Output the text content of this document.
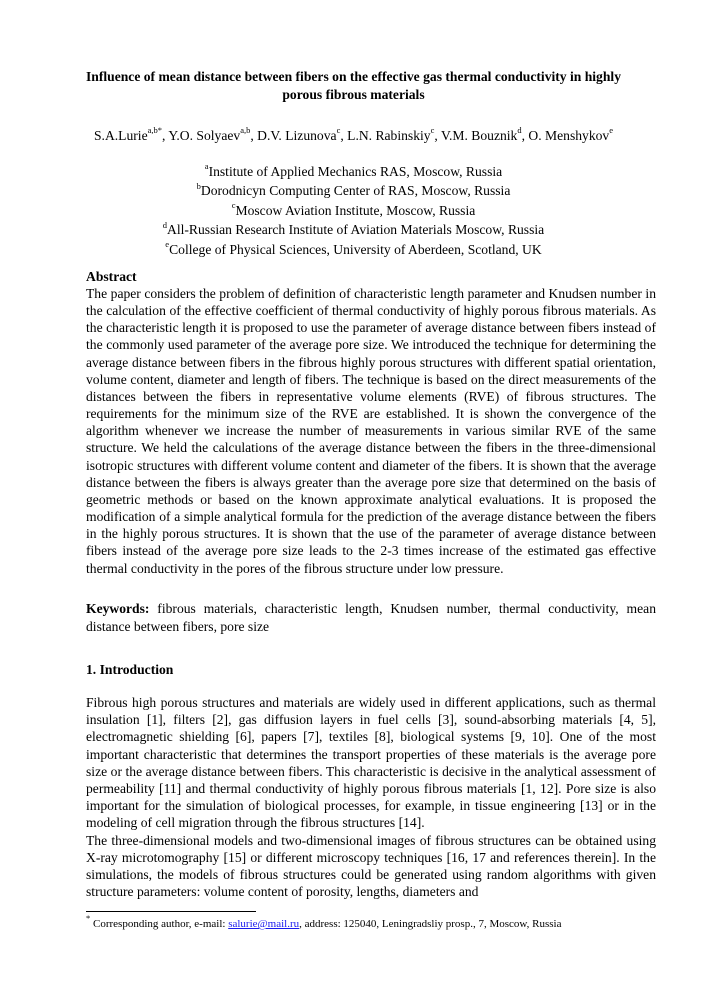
Influence of mean distance between fibers on the effective gas thermal conductivity in highly porous fibrous materials
S.A.Lurie$^{a,b*}$, Y.O. Solyaev$^{a,b}$, D.V. Lizunova$^c$, L.N. Rabinskiy$^c$, V.M. Bouznik$^d$, O. Menshykov$^e$
$^a$Institute of Applied Mechanics RAS, Moscow, Russia
$^b$Dorodnicyn Computing Center of RAS, Moscow, Russia
$^c$Moscow Aviation Institute, Moscow, Russia
$^d$All-Russian Research Institute of Aviation Materials Moscow, Russia
$^e$College of Physical Sciences, University of Aberdeen, Scotland, UK
Abstract

The paper considers the problem of definition of characteristic length parameter and Knudsen number in the calculation of the effective coefficient of thermal conductivity of highly porous fibrous materials. As the characteristic length it is proposed to use the parameter of average distance between fibers instead of the commonly used parameter of the average pore size. We introduced the technique for determining the average distance between fibers in the fibrous highly porous structures with different spatial orientation, volume content, diameter and length of fibers. The technique is based on the direct measurements of the distances between the fibers in representative volume elements (RVE) of fibrous structures. The requirements for the minimum size of the RVE are established. It is shown the convergence of the algorithm whenever we increase the number of measurements in various similar RVE of the same structure. We held the calculations of the average distance between the fibers in the three-dimensional isotropic structures with different volume content and diameter of the fibers. It is shown that the average distance between the fibers is always greater than the average pore size that determined on the basis of geometric methods or based on the known approximate analytical evaluations. It is proposed the modification of a simple analytical formula for the prediction of the average distance between the fibers in the highly porous structures. It is shown that the use of the parameter of average distance between fibers instead of the average pore size leads to the 2-3 times increase of the estimated gas effective thermal conductivity in the pores of the fibrous structure under low pressure.

Keywords: fibrous materials, characteristic length, Knudsen number, thermal conductivity, mean distance between fibers, pore size

1. Introduction
Fibrous high porous structures and materials are widely used in different applications, such as thermal insulation [1], filters [2], gas diffusion layers in fuel cells [3], sound-absorbing materials [4, 5], electromagnetic shielding [6], papers [7], textiles [8], biological systems [9, 10]. One of the most important characteristic that determines the transport properties of these materials is the average pore size or the average distance between fibers. This characteristic is decisive in the analytical assessment of permeability [11] and thermal conductivity of highly porous fibrous materials [1, 12]. Pore size is also important for the simulation of biological processes, for example, in tissue engineering [13] or in the modeling of cell migration through the fibrous structures [14].
The three-dimensional models and two-dimensional images of fibrous structures can be obtained using X-ray microtomography [15] or different microscopy techniques [16, 17 and references therein]. In the simulations, the models of fibrous structures could be generated using random algorithms with given structure parameters: volume content of porosity, lengths, diameters and
* Corresponding author, e-mail: salurie@mail.ru, address: 125040, Leningradsliy prosp., 7, Moscow, Russia
